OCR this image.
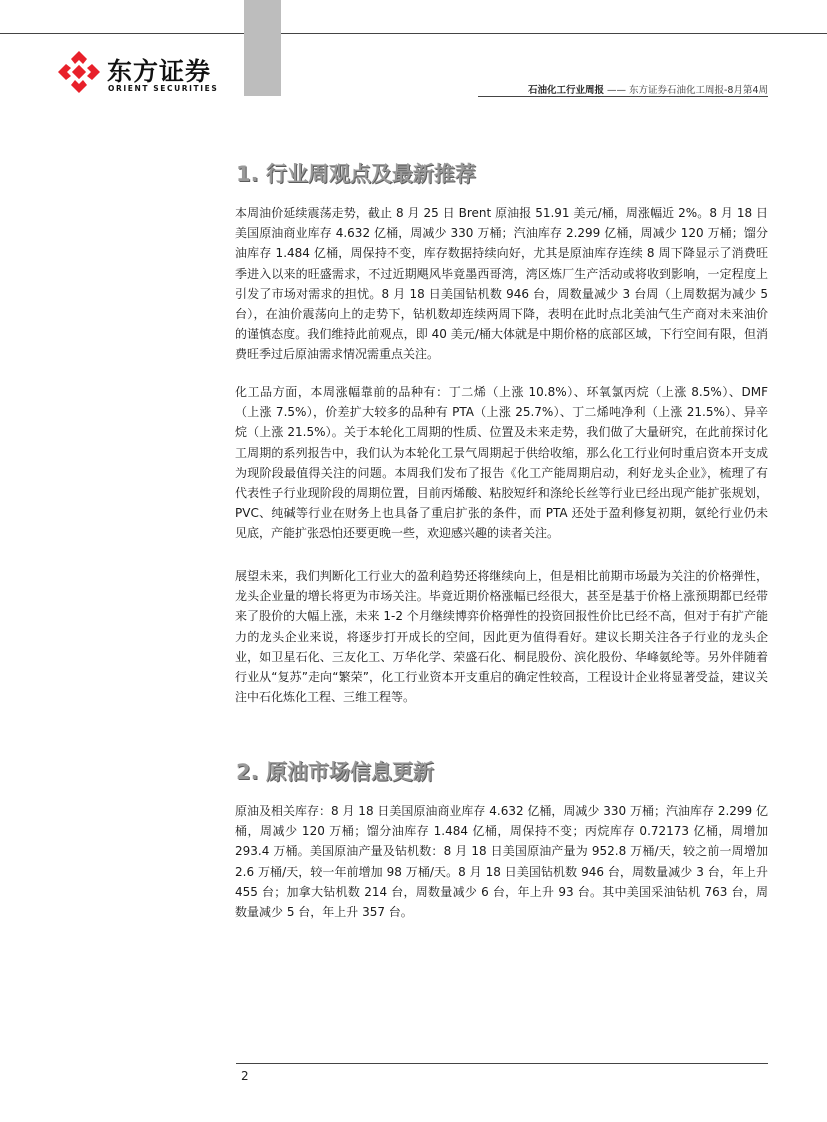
东方证券
ORIENT SECURITIES	石油化工行业周报 —— 东方证券石油化工周报-8月第4周
1. 行业周观点及最新推荐

本周油价延续震荡走势，截止 8 月 25 日 Brent 原油报 51.91 美元/桶，周涨幅近 2%。8 月 18 日美国原油商业库存 4.632 亿桶，周减少 330 万桶；汽油库存 2.299 亿桶，周减少 120 万桶；馏分油库存 1.484 亿桶，周保持不变，库存数据持续向好，尤其是原油库存连续 8 周下降显示了消费旺季进入以来的旺盛需求，不过近期飓风毕竟墨西哥湾，湾区炼厂生产活动或将收到影响，一定程度上引发了市场对需求的担忧。8 月 18 日美国钻机数 946 台，周数量减少 3 台周（上周数据为减少 5 台），在油价震荡向上的走势下，钻机数却连续两周下降，表明在此时点北美油气生产商对未来油价的谨慎态度。我们维持此前观点，即 40 美元/桶大体就是中期价格的底部区域，下行空间有限，但消费旺季过后原油需求情况需重点关注。

化工品方面，本周涨幅靠前的品种有：丁二烯（上涨 10.8%）、环氧氯丙烷（上涨 8.5%）、DMF（上涨 7.5%），价差扩大较多的品种有 PTA（上涨 25.7%）、丁二烯吨净利（上涨 21.5%）、异辛烷（上涨 21.5%）。关于本轮化工周期的性质、位置及未来走势，我们做了大量研究，在此前探讨化工周期的系列报告中，我们认为本轮化工景气周期起于供给收缩，那么化工行业何时重启资本开支成为现阶段最值得关注的问题。本周我们发布了报告《化工产能周期启动，利好龙头企业》，梳理了有代表性子行业现阶段的周期位置，目前丙烯酸、粘胶短纤和涤纶长丝等行业已经出现产能扩张规划，PVC、纯碱等行业在财务上也具备了重启扩张的条件，而 PTA 还处于盈利修复初期，氨纶行业仍未见底，产能扩张恐怕还要更晚一些，欢迎感兴趣的读者关注。

展望未来，我们判断化工行业大的盈利趋势还将继续向上，但是相比前期市场最为关注的价格弹性，龙头企业量的增长将更为市场关注。毕竟近期价格涨幅已经很大，甚至是基于价格上涨预期都已经带来了股价的大幅上涨，未来 1-2 个月继续博弈价格弹性的投资回报性价比已经不高，但对于有扩产能力的龙头企业来说，将逐步打开成长的空间，因此更为值得看好。建议长期关注各子行业的龙头企业，如卫星石化、三友化工、万华化学、荣盛石化、桐昆股份、滨化股份、华峰氨纶等。另外伴随着行业从“复苏”走向“繁荣”，化工行业资本开支重启的确定性较高，工程设计企业将显著受益，建议关注中石化炼化工程、三维工程等。

2. 原油市场信息更新

原油及相关库存：8 月 18 日美国原油商业库存 4.632 亿桶，周减少 330 万桶；汽油库存 2.299 亿桶，周减少 120 万桶；馏分油库存 1.484 亿桶，周保持不变；丙烷库存 0.72173 亿桶，周增加 293.4 万桶。美国原油产量及钻机数：8 月 18 日美国原油产量为 952.8 万桶/天，较之前一周增加 2.6 万桶/天，较一年前增加 98 万桶/天。8 月 18 日美国钻机数 946 台，周数量减少 3 台，年上升 455 台；加拿大钻机数 214 台，周数量减少 6 台，年上升 93 台。其中美国采油钻机 763 台，周数量减少 5 台，年上升 357 台。

2
